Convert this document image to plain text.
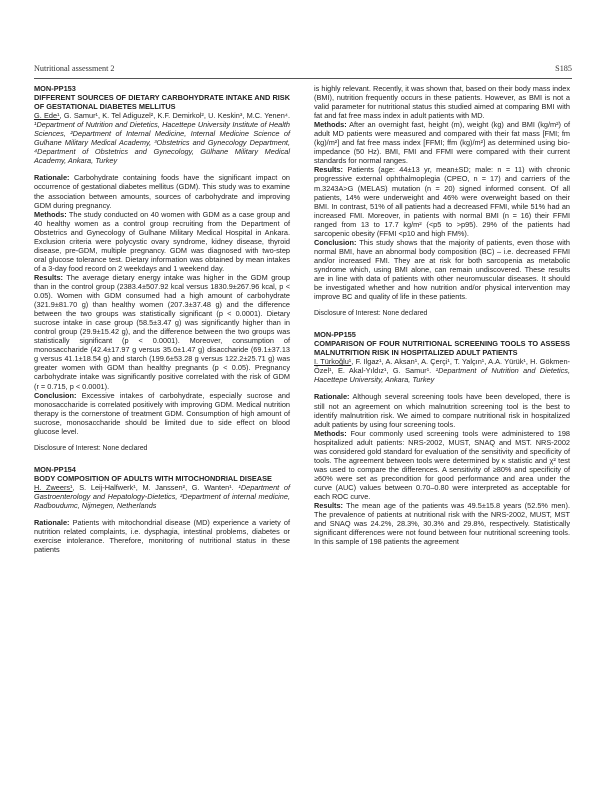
Nutritional assessment 2	S185

MON-PP153

DIFFERENT SOURCES OF DIETARY CARBOHYDRATE INTAKE AND RISK OF GESTATIONAL DIABETES MELLITUS

G. Ede¹, G. Samur¹, K. Tel Adiguzel², K.F. Demirkol², U. Keskin³, M.C. Yenen⁴. ¹Department of Nutrition and Dietetics, Hacettepe University Institute of Health Sciences, ²Department of Internal Medicine, Internal Medicine Science of Gulhane Military Medical Academy, ³Obstetrics and Gynecology Department, ⁴Department of Obstetrics and Gynecology, Gülhane Military Medical Academy, Ankara, Turkey

Rationale: Carbohydrate containing foods have the significant impact on occurrence of gestational diabetes mellitus (GDM). This study was to examine the association between amounts, sources of carbohydrate and improving GDM during pregnancy.

Methods: The study conducted on 40 women with GDM as a case group and 40 healthy women as a control group recruiting from the Department of Obstetrics and Gynecology of Gulhane Military Medical Hospital in Ankara. Exclusion criteria were polycystic ovary syndrome, kidney disease, thyroid disease, pre-GDM, multiple pregnancy. GDM was diagnosed with two-step oral glucose tolerance test. Dietary information was obtained by mean intakes of a 3-day food record on 2 weekdays and 1 weekend day.

Results: The average dietary energy intake was higher in the GDM group than in the control group (2383.4±507.92 kcal versus 1830.9±267.96 kcal, p < 0.05). Women with GDM consumed had a high amount of carbohydrate (321.9±81.70 g) than healthy women (207.3±37.48 g) and the difference between the two groups was statistically significant (p < 0.0001). Dietary sucrose intake in case group (58.5±3.47 g) was significantly higher than in control group (29.9±15.42 g), and the difference between the two groups was statistically significant (p < 0.0001). Moreover, consumption of monosaccharide (42.4±17.97 g versus 35.0±1.47 g) disaccharide (69.1±37.13 g versus 41.1±18.54 g) and starch (199.6±53.28 g versus 122.2±25.71 g) was greater women with GDM than healthy pregnants (p < 0.05). Pregnancy carbohydrate intake was significantly positive correlated with the risk of GDM (r = 0.715, p < 0.0001).

Conclusion: Excessive intakes of carbohydrate, especially sucrose and monosaccharide is correlated positively with improving GDM. Medical nutrition therapy is the cornerstone of treatment GDM. Consumption of high amount of sucrose, monosaccharide should be limited due to side effect on blood glucose level.

Disclosure of Interest: None declared

MON-PP154

BODY COMPOSITION OF ADULTS WITH MITOCHONDRIAL DISEASE

H. Zweers¹, S. Leij-Halfwerk¹, M. Janssen², G. Wanten¹. ¹Department of Gastroenterology and Hepatology-Dietetics, ²Department of internal medicine, Radboudumc, Nijmegen, Netherlands

Rationale: Patients with mitochondrial disease (MD) experience a variety of nutrition related complaints, i.e. dysphagia, intestinal problems, diabetes or exercise intolerance. Therefore, monitoring of nutritional status in these patients

is highly relevant. Recently, it was shown that, based on their body mass index (BMI), nutrition frequently occurs in these patients. However, as BMI is not a valid parameter for nutritional status this studied aimed at comparing BMI with fat and fat free mass index in adult patients with MD.

Methods: After an overnight fast, height (m), weight (kg) and BMI (kg/m²) of adult MD patients were measured and compared with their fat mass [FMI; fm (kg)/m²] and fat free mass index [FFMI; ffm (kg)/m²] as determined using bio-impedance (50 Hz). BMI, FMI and FFMI were compared with their current standards for normal ranges.

Results: Patients (age: 44±13 yr, mean±SD; male: n = 11) with chronic progressive external ophthalmoplegia (CPEO, n = 17) and carriers of the m.3243A>G (MELAS) mutation (n = 20) signed informed consent. Of all patients, 14% were underweight and 46% were overweight based on their BMI. In contrast, 51% of all patients had a decreased FFMI, while 51% had an increased FMI. Moreover, in patients with normal BMI (n = 16) their FFMI ranged from 13 to 17.7 kg/m² (<p5 to >p95). 29% of the patients had sarcopenic obesity (FFMI <p10 and high FM%).

Conclusion: This study shows that the majority of patients, even those with normal BMI, have an abnormal body composition (BC) – i.e. decreased FFMI and/or increased FMI. They are at risk for both sarcopenia as metabolic syndrome which, using BMI alone, can remain undiscovered. These results are in line with data of patients with other neuromuscular diseases. It should be investigated whether and how nutrition and/or physical intervention may improve BC and quality of life in these patients.

Disclosure of Interest: None declared

MON-PP155

COMPARISON OF FOUR NUTRITIONAL SCREENING TOOLS TO ASSESS MALNUTRITION RISK IN HOSPITALIZED ADULT PATIENTS

I. Türkoğlu¹, F. Ilgaz¹, A. Aksan¹, A. Çerçi¹, T. Yalçın¹, A.A. Yürük¹, H. Gökmen-Özel¹, E. Akal-Yıldız¹, G. Samur¹. ¹Department of Nutrition and Dietetics, Hacettepe University, Ankara, Turkey

Rationale: Although several screening tools have been developed, there is still not an agreement on which malnutrition screening tool is the best to identify malnutrition risk. We aimed to compare nutritional risk in hospitalized adult patients by using four screening tools.

Methods: Four commonly used screening tools were administered to 198 hospitalized adult patients: NRS-2002, MUST, SNAQ and MST. NRS-2002 was considered gold standard for evaluation of the sensitivity and specificity of tools. The agreement between tools were determined by κ statistic and χ² test was used to compare the differences. A sensitivity of ≥80% and specificity of ≥60% were set as precondition for good performance and area under the curve (AUC) values between 0.70–0.80 were interpreted as acceptable for each ROC curve.

Results: The mean age of the patients was 49.5±15.8 years (52.5% men). The prevalence of patients at nutritional risk with the NRS-2002, MUST, MST and SNAQ was 24.2%, 28.3%, 30.3% and 29.8%, respectively. Statistically significant differences were not found between four nutritional screening tools. In this sample of 198 patients the agreement
